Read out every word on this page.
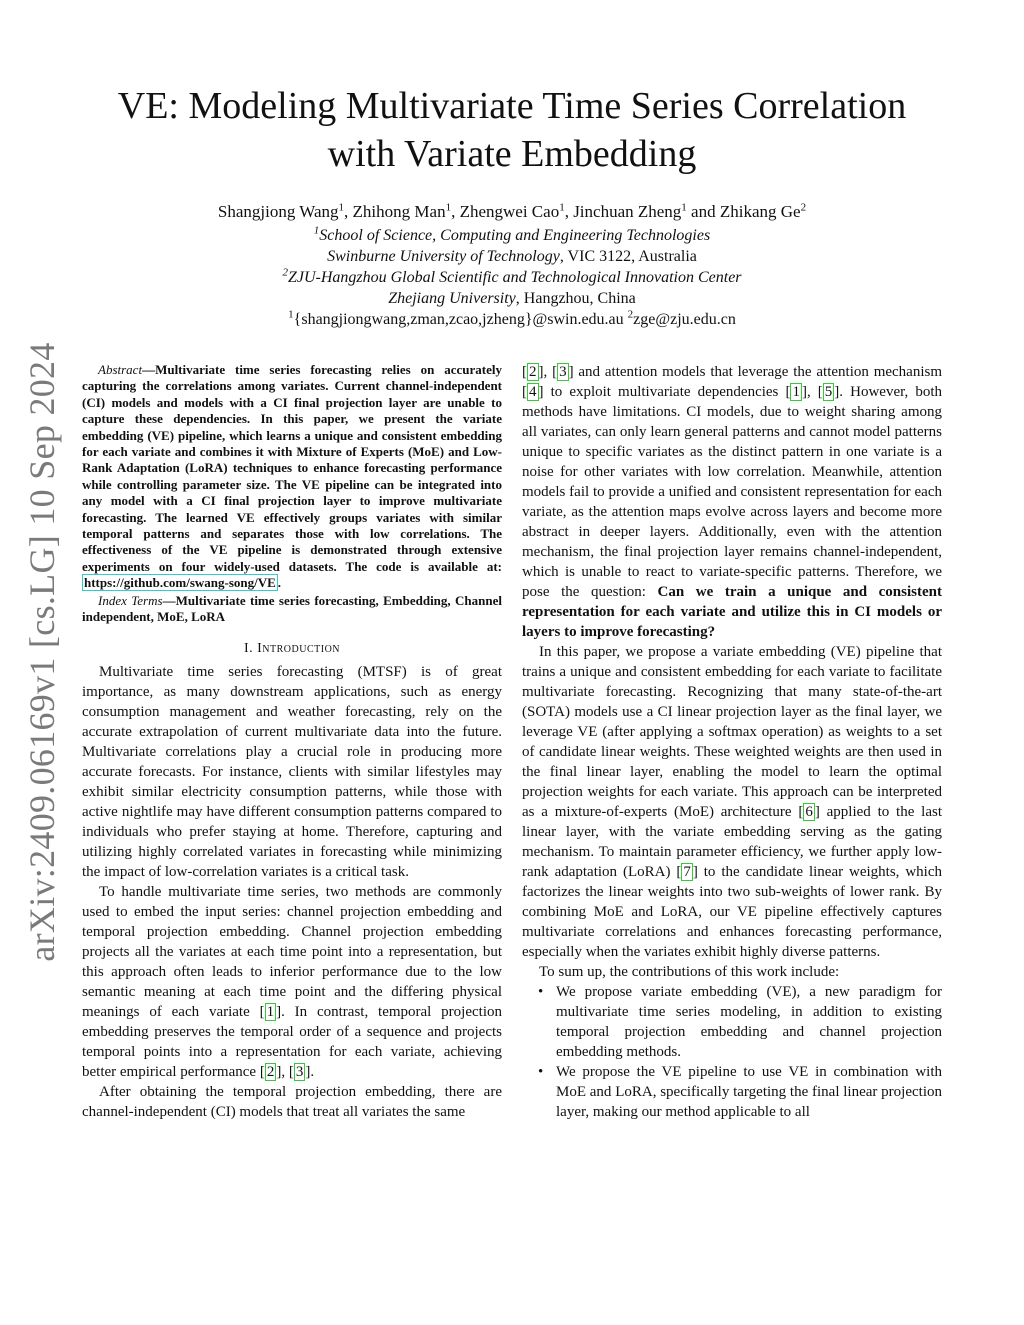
arXiv:2409.06169v1 [cs.LG] 10 Sep 2024
VE: Modeling Multivariate Time Series Correlation
with Variate Embedding
Shangjiong Wang$^1$, Zhihong Man$^1$, Zhengwei Cao$^1$, Jinchuan Zheng$^1$ and Zhikang Ge$^2$
$^1$School of Science, Computing and Engineering Technologies
Swinburne University of Technology, VIC 3122, Australia
$^2$ZJU-Hangzhou Global Scientific and Technological Innovation Center
Zhejiang University, Hangzhou, China
$^1${shangjiongwang,zman,zcao,jzheng}@swin.edu.au $^2$zge@zju.edu.cn

Abstract—Multivariate time series forecasting relies on accurately capturing the correlations among variates. Current channel-independent (CI) models and models with a CI final projection layer are unable to capture these dependencies. In this paper, we present the variate embedding (VE) pipeline, which learns a unique and consistent embedding for each variate and combines it with Mixture of Experts (MoE) and Low-Rank Adaptation (LoRA) techniques to enhance forecasting performance while controlling parameter size. The VE pipeline can be integrated into any model with a CI final projection layer to improve multivariate forecasting. The learned VE effectively groups variates with similar temporal patterns and separates those with low correlations. The effectiveness of the VE pipeline is demonstrated through extensive experiments on four widely-used datasets. The code is available at: https://github.com/swang-song/VE .

Index Terms—Multivariate time series forecasting, Embedding, Channel independent, MoE, LoRA

I. Introduction

Multivariate time series forecasting (MTSF) is of great importance, as many downstream applications, such as energy consumption management and weather forecasting, rely on the accurate extrapolation of current multivariate data into the future. Multivariate correlations play a crucial role in producing more accurate forecasts. For instance, clients with similar lifestyles may exhibit similar electricity consumption patterns, while those with active nightlife may have different consumption patterns compared to individuals who prefer staying at home. Therefore, capturing and utilizing highly correlated variates in forecasting while minimizing the impact of low-correlation variates is a critical task.

To handle multivariate time series, two methods are commonly used to embed the input series: channel projection embedding and temporal projection embedding. Channel projection embedding projects all the variates at each time point into a representation, but this approach often leads to inferior performance due to the low semantic meaning at each time point and the differing physical meanings of each variate [ 1 ]. In contrast, temporal projection embedding preserves the temporal order of a sequence and projects temporal points into a representation for each variate, achieving better empirical performance [ 2 ], [ 3 ].

After obtaining the temporal projection embedding, there are channel-independent (CI) models that treat all variates the same

[ 2 ], [ 3 ] and attention models that leverage the attention mechanism [ 4 ] to exploit multivariate dependencies [ 1 ], [ 5 ]. However, both methods have limitations. CI models, due to weight sharing among all variates, can only learn general patterns and cannot model patterns unique to specific variates as the distinct pattern in one variate is a noise for other variates with low correlation. Meanwhile, attention models fail to provide a unified and consistent representation for each variate, as the attention maps evolve across layers and become more abstract in deeper layers. Additionally, even with the attention mechanism, the final projection layer remains channel-independent, which is unable to react to variate-specific patterns. Therefore, we pose the question: Can we train a unique and consistent representation for each variate and utilize this in CI models or layers to improve forecasting?

In this paper, we propose a variate embedding (VE) pipeline that trains a unique and consistent embedding for each variate to facilitate multivariate forecasting. Recognizing that many state-of-the-art (SOTA) models use a CI linear projection layer as the final layer, we leverage VE (after applying a softmax operation) as weights to a set of candidate linear weights. These weighted weights are then used in the final linear layer, enabling the model to learn the optimal projection weights for each variate. This approach can be interpreted as a mixture-of-experts (MoE) architecture [ 6 ] applied to the last linear layer, with the variate embedding serving as the gating mechanism. To maintain parameter efficiency, we further apply low-rank adaptation (LoRA) [ 7 ] to the candidate linear weights, which factorizes the linear weights into two sub-weights of lower rank. By combining MoE and LoRA, our VE pipeline effectively captures multivariate correlations and enhances forecasting performance, especially when the variates exhibit highly diverse patterns.

To sum up, the contributions of this work include:

• We propose variate embedding (VE), a new paradigm for multivariate time series modeling, in addition to existing temporal projection embedding and channel projection embedding methods.
• We propose the VE pipeline to use VE in combination with MoE and LoRA, specifically targeting the final linear projection layer, making our method applicable to all
